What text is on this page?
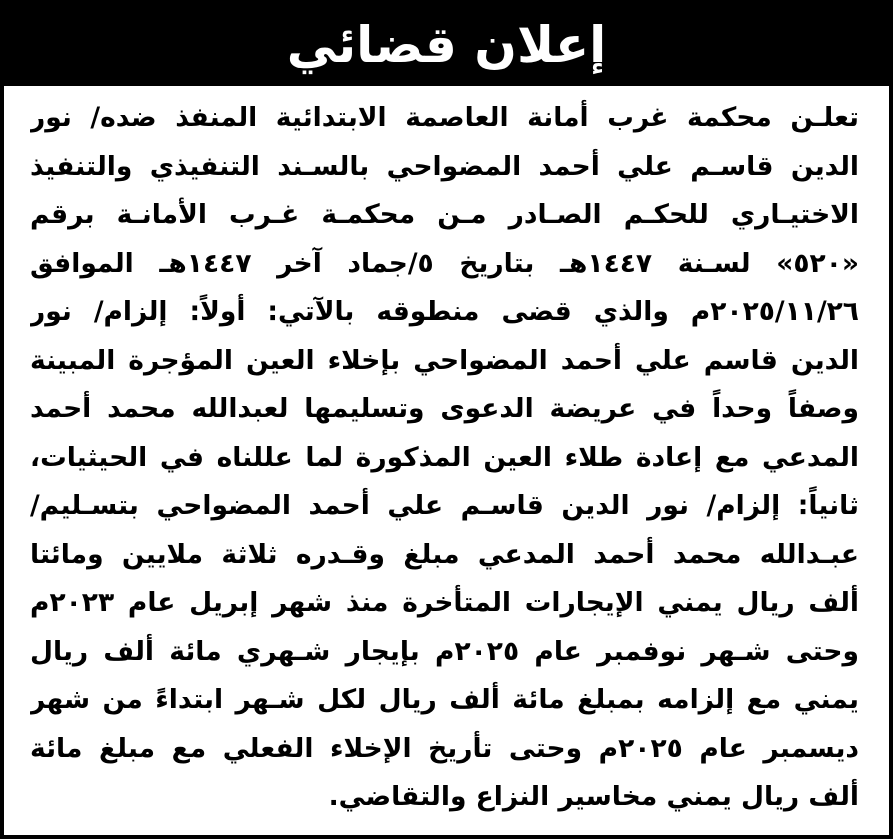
إعلان قضائي
تعلـن محكمة غرب أمانة العاصمة الابتدائية المنفذ ضده/ نور
الدين قاسـم علي أحمد المضواحي بالسـند التنفيذي والتنفيذ
الاختيـاري للحكـم الصـادر مـن محكمـة غـرب الأمانـة برقم
«٥٢٠» لسـنة ١٤٤٧هـ بتاريخ ٥/جماد آخر ١٤٤٧هـ الموافق
٢٠٢٥/١١/٢٦م والذي قضى منطوقه بالآتي: أولاً: إلزام/ نور
الدين قاسم علي أحمد المضواحي بإخلاء العين المؤجرة المبينة
وصفاً وحداً في عريضة الدعوى وتسليمها لعبدالله محمد أحمد
المدعي مع إعادة طلاء العين المذكورة لما عللناه في الحيثيات،
ثانياً: إلزام/ نور الدين قاسـم علي أحمد المضواحي بتسـليم/
عبـدالله محمد أحمد المدعي مبلغ وقـدره ثلاثة ملايين ومائتا
ألف ريال يمني الإيجارات المتأخرة منذ شهر إبريل عام ٢٠٢٣م
وحتى شـهر نوفمبر عام ٢٠٢٥م بإيجار شـهري مائة ألف ريال
يمني مع إلزامه بمبلغ مائة ألف ريال لكل شـهر ابتداءً من شهر
ديسمبر عام ٢٠٢٥م وحتى تأريخ الإخلاء الفعلي مع مبلغ مائة
ألف ريال يمني مخاسير النزاع والتقاضي.
